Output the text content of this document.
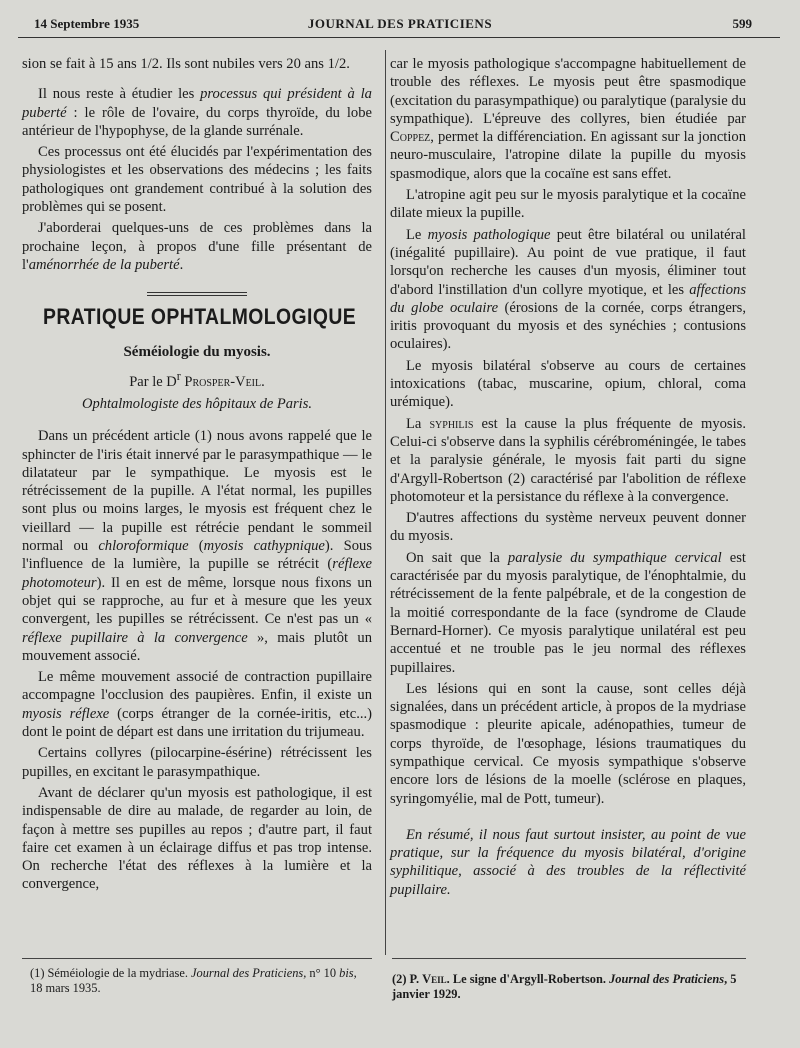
14 Septembre 1935	JOURNAL DES PRATICIENS	599

sion se fait à 15 ans 1/2. Ils sont nubiles vers 20 ans 1/2.

Il nous reste à étudier les processus qui président à la puberté : le rôle de l'ovaire, du corps thyroïde, du lobe antérieur de l'hypophyse, de la glande surrénale.

Ces processus ont été élucidés par l'expérimentation des physiologistes et les observations des médecins ; les faits pathologiques ont grandement contribué à la solution des problèmes qui se posent.

J'aborderai quelques-uns de ces problèmes dans la prochaine leçon, à propos d'une fille présentant de l'aménorrhée de la puberté.

PRATIQUE OPHTALMOLOGIQUE
Séméiologie du myosis.
Par le $D^r$ Prosper-Veil.
Ophtalmologiste des hôpitaux de Paris.

Dans un précédent article (1) nous avons rappelé que le sphincter de l'iris était innervé par le parasympathique — le dilatateur par le sympathique. Le myosis est le rétrécissement de la pupille. A l'état normal, les pupilles sont plus ou moins larges, le myosis est fréquent chez le vieillard — la pupille est rétrécie pendant le sommeil normal ou chloroformique (myosis cathypnique). Sous l'influence de la lumière, la pupille se rétrécit (réflexe photomoteur). Il en est de même, lorsque nous fixons un objet qui se rapproche, au fur et à mesure que les yeux convergent, les pupilles se rétrécissent. Ce n'est pas un « réflexe pupillaire à la convergence », mais plutôt un mouvement associé.

Le même mouvement associé de contraction pupillaire accompagne l'occlusion des paupières. Enfin, il existe un myosis réflexe (corps étranger de la cornée-iritis, etc...) dont le point de départ est dans une irritation du trijumeau.

Certains collyres (pilocarpine-ésérine) rétrécissent les pupilles, en excitant le parasympathique.

Avant de déclarer qu'un myosis est pathologique, il est indispensable de dire au malade, de regarder au loin, de façon à mettre ses pupilles au repos ; d'autre part, il faut faire cet examen à un éclairage diffus et pas trop intense. On recherche l'état des réflexes à la lumière et la convergence,

car le myosis pathologique s'accompagne habituellement de trouble des réflexes. Le myosis peut être spasmodique (excitation du parasympathique) ou paralytique (paralysie du sympathique). L'épreuve des collyres, bien étudiée par Coppez, permet la différenciation. En agissant sur la jonction neuro-musculaire, l'atropine dilate la pupille du myosis spasmodique, alors que la cocaïne est sans effet.

L'atropine agit peu sur le myosis paralytique et la cocaïne dilate mieux la pupille.

Le myosis pathologique peut être bilatéral ou unilatéral (inégalité pupillaire). Au point de vue pratique, il faut lorsqu'on recherche les causes d'un myosis, éliminer tout d'abord l'instillation d'un collyre myotique, et les affections du globe oculaire (érosions de la cornée, corps étrangers, iritis provoquant du myosis et des synéchies ; contusions oculaires).

Le myosis bilatéral s'observe au cours de certaines intoxications (tabac, muscarine, opium, chloral, coma urémique).

La syphilis est la cause la plus fréquente de myosis. Celui-ci s'observe dans la syphilis cérébroméningée, le tabes et la paralysie générale, le myosis fait parti du signe d'Argyll-Robertson (2) caractérisé par l'abolition de réflexe photomoteur et la persistance du réflexe à la convergence.

D'autres affections du système nerveux peuvent donner du myosis.

On sait que la paralysie du sympathique cervical est caractérisée par du myosis paralytique, de l'énophtalmie, du rétrécissement de la fente palpébrale, et de la congestion de la moitié correspondante de la face (syndrome de Claude Bernard-Horner). Ce myosis paralytique unilatéral est peu accentué et ne trouble pas le jeu normal des réflexes pupillaires.

Les lésions qui en sont la cause, sont celles déjà signalées, dans un précédent article, à propos de la mydriase spasmodique : pleurite apicale, adénopathies, tumeur de corps thyroïde, de l'œsophage, lésions traumatiques du sympathique cervical. Ce myosis sympathique s'observe encore lors de lésions de la moelle (sclérose en plaques, syringomyélie, mal de Pott, tumeur).

En résumé, il nous faut surtout insister, au point de vue pratique, sur la fréquence du myosis bilatéral, d'origine syphilitique, associé à des troubles de la réflectivité pupillaire.

(1) Séméiologie de la mydriase. Journal des Praticiens, n° 10 bis, 18 mars 1935.
(2) P. Veil. Le signe d'Argyll-Robertson. Journal des Praticiens, 5 janvier 1929.
